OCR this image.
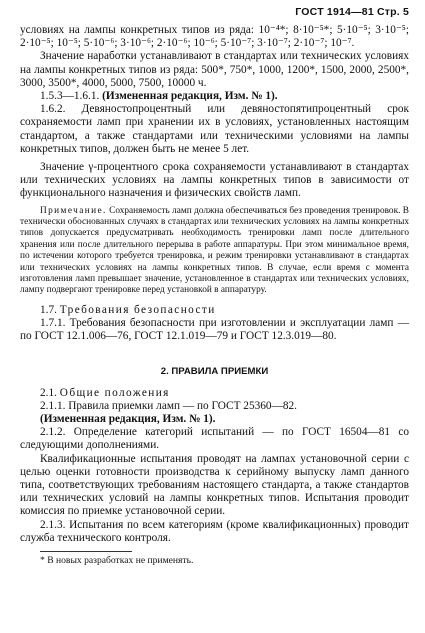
ГОСТ 1914—81 Стр. 5

условиях на лампы конкретных типов из ряда: 10⁻⁴*; 8·10⁻⁵*; 5·10⁻⁵; 3·10⁻⁵; 2·10⁻⁵; 10⁻⁵; 5·10⁻⁶; 3·10⁻⁶; 2·10⁻⁶; 10⁻⁶; 5·10⁻⁷; 3·10⁻⁷; 2·10⁻⁷; 10⁻⁷.

Значение наработки устанавливают в стандартах или технических условиях на лампы конкретных типов из ряда: 500*, 750*, 1000, 1200*, 1500, 2000, 2500*, 3000, 3500*, 4000, 5000, 7500, 10000 ч.

1.5.3—1.6.1. (Измененная редакция, Изм. № 1).

1.6.2. Девяностопроцентный или девяностопятипроцентный срок сохраняемости ламп при хранении их в условиях, установленных настоящим стандартом, а также стандартами или техническими условиями на лампы конкретных типов, должен быть не менее 5 лет.

Значение γ-процентного срока сохраняемости устанавливают в стандартах или технических условиях на лампы конкретных типов в зависимости от функционального назначения и физических свойств ламп.

Примечание. Сохраняемость ламп должна обеспечиваться без проведения тренировок. В технически обоснованных случаях в стандартах или технических условиях на лампы конкретных типов допускается предусматривать необходимость тренировки ламп после длительного хранения или после длительного перерыва в работе аппаратуры. При этом минимальное время, по истечении которого требуется тренировка, и режим тренировки устанавливают в стандартах или технических условиях на лампы конкретных типов. В случае, если время с момента изготовления ламп превышает значение, установленное в стандартах или технических условиях, лампу подвергают тренировке перед установкой в аппаратуру.

1.7. Требования безопасности

1.7.1. Требования безопасности при изготовлении и эксплуатации ламп — по ГОСТ 12.1.006—76, ГОСТ 12.1.019—79 и ГОСТ 12.3.019—80.

2. ПРАВИЛА ПРИЕМКИ

2.1. Общие положения

2.1.1. Правила приемки ламп — по ГОСТ 25360—82.

(Измененная редакция, Изм. № 1).

2.1.2. Определение категорий испытаний — по ГОСТ 16504—81 со следующими дополнениями.

Квалификационные испытания проводят на лампах установочной серии с целью оценки готовности производства к серийному выпуску ламп данного типа, соответствующих требованиям настоящего стандарта, а также стандартов или технических условий на лампы конкретных типов. Испытания проводит комиссия по приемке установочной серии.

2.1.3. Испытания по всем категориям (кроме квалификационных) проводит служба технического контроля.

* В новых разработках не применять.
